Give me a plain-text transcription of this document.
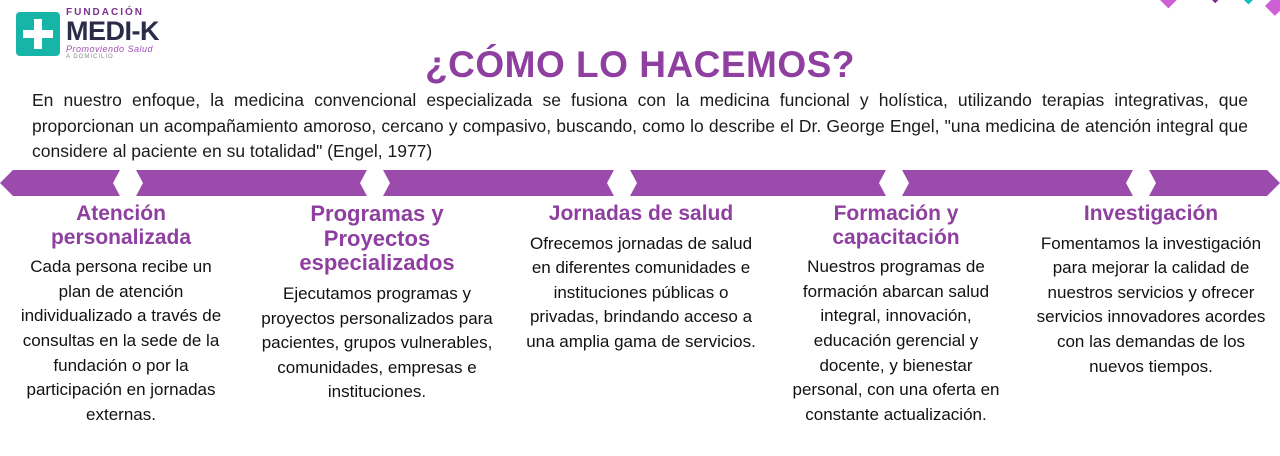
FUNDACIÓN
MEDI-K
Promoviendo Salud
A DOMICILIO	¿CÓMO LO HACEMOS?
En nuestro enfoque, la medicina convencional especializada se fusiona con la medicina funcional y holística, utilizando terapias integrativas, que proporcionan un acompañamiento amoroso, cercano y compasivo, buscando, como lo describe el Dr. George Engel, "una medicina de atención integral que considere al paciente en su totalidad" (Engel, 1977)
Atención personalizada
Cada persona recibe un plan de atención individualizado a través de consultas en la sede de la fundación o por la participación en jornadas externas.
Programas y Proyectos especializados
Ejecutamos programas y proyectos personalizados para pacientes, grupos vulnerables, comunidades, empresas e instituciones.
Jornadas de salud
Ofrecemos jornadas de salud en diferentes comunidades e instituciones públicas o privadas, brindando acceso a una amplia gama de servicios.
Formación y capacitación
Nuestros programas de formación abarcan salud integral, innovación, educación gerencial y docente, y bienestar personal, con una oferta en constante actualización.
Investigación
Fomentamos la investigación para mejorar la calidad de nuestros servicios y ofrecer servicios innovadores acordes con las demandas de los nuevos tiempos.
